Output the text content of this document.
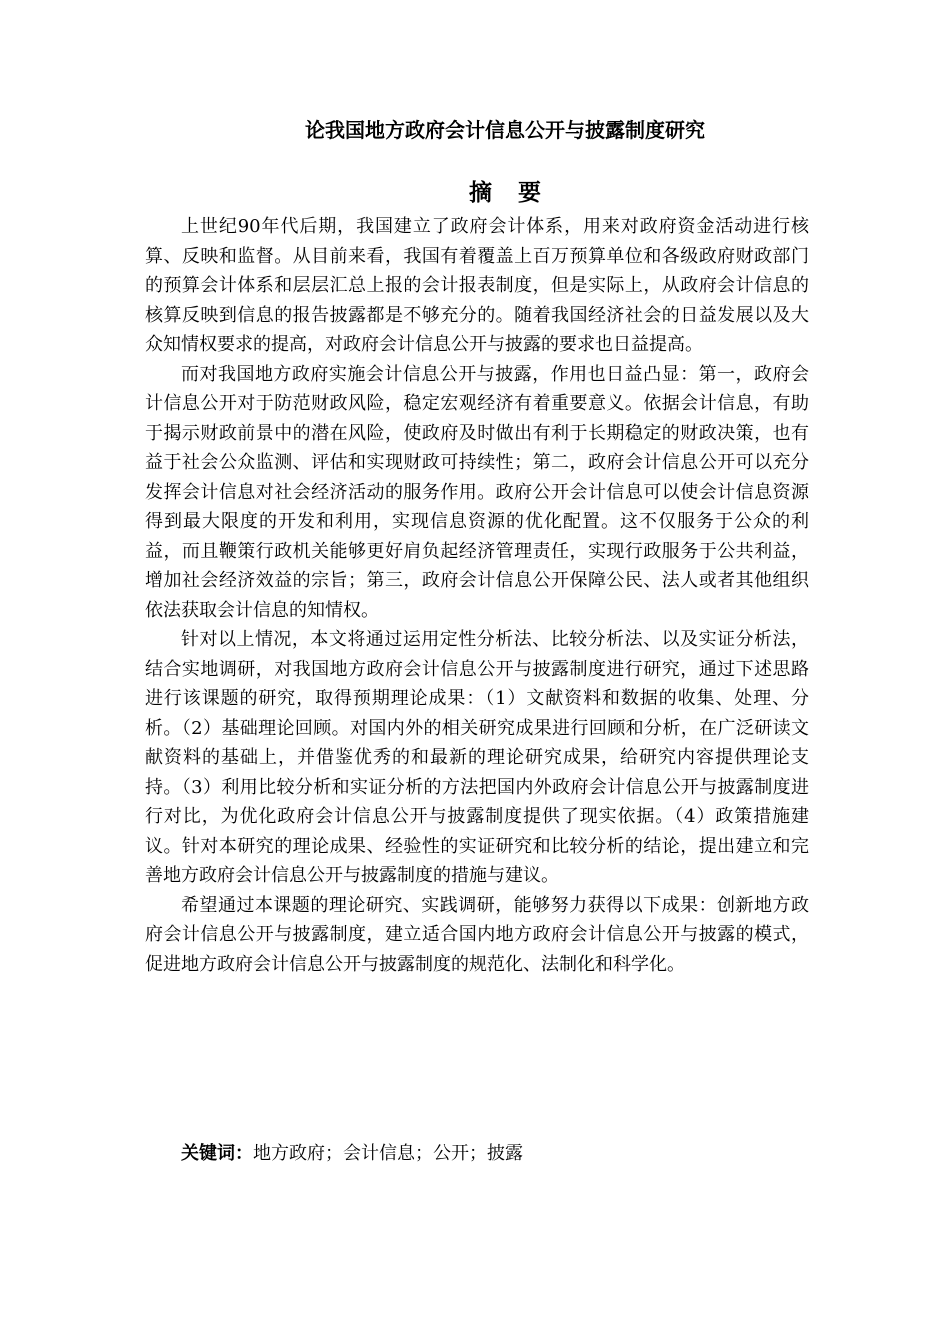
论我国地方政府会计信息公开与披露制度研究
摘要

上世纪90年代后期，我国建立了政府会计体系，用来对政府资金活动进行核算、反映和监督。从目前来看，我国有着覆盖上百万预算单位和各级政府财政部门的预算会计体系和层层汇总上报的会计报表制度，但是实际上，从政府会计信息的核算反映到信息的报告披露都是不够充分的。随着我国经济社会的日益发展以及大众知情权要求的提高，对政府会计信息公开与披露的要求也日益提高。

而对我国地方政府实施会计信息公开与披露，作用也日益凸显：第一，政府会计信息公开对于防范财政风险，稳定宏观经济有着重要意义。依据会计信息，有助于揭示财政前景中的潜在风险，使政府及时做出有利于长期稳定的财政决策，也有益于社会公众监测、评估和实现财政可持续性；第二，政府会计信息公开可以充分发挥会计信息对社会经济活动的服务作用。政府公开会计信息可以使会计信息资源得到最大限度的开发和利用，实现信息资源的优化配置。这不仅服务于公众的利益，而且鞭策行政机关能够更好肩负起经济管理责任，实现行政服务于公共利益，增加社会经济效益的宗旨；第三，政府会计信息公开保障公民、法人或者其他组织依法获取会计信息的知情权。

针对以上情况，本文将通过运用定性分析法、比较分析法、以及实证分析法，结合实地调研，对我国地方政府会计信息公开与披露制度进行研究，通过下述思路进行该课题的研究，取得预期理论成果：（1）文献资料和数据的收集、处理、分析。（2）基础理论回顾。对国内外的相关研究成果进行回顾和分析，在广泛研读文献资料的基础上，并借鉴优秀的和最新的理论研究成果，给研究内容提供理论支持。（3）利用比较分析和实证分析的方法把国内外政府会计信息公开与披露制度进行对比，为优化政府会计信息公开与披露制度提供了现实依据。（4）政策措施建议。针对本研究的理论成果、经验性的实证研究和比较分析的结论，提出建立和完善地方政府会计信息公开与披露制度的措施与建议。

希望通过本课题的理论研究、实践调研，能够努力获得以下成果：创新地方政府会计信息公开与披露制度，建立适合国内地方政府会计信息公开与披露的模式，促进地方政府会计信息公开与披露制度的规范化、法制化和科学化。

关键词：地方政府；会计信息；公开；披露
